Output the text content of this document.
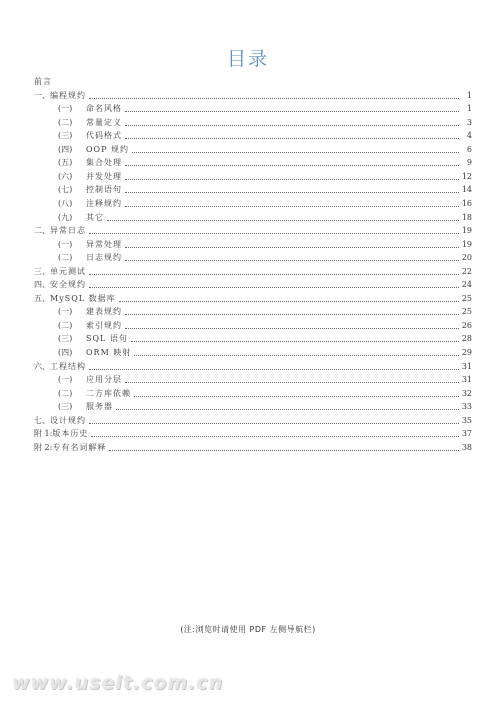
目录
前言
一、 编程规约	1
(一)	命名风格	1
(二)	常量定义	3
(三)	代码格式	4
(四)	OOP 规约	6
(五)	集合处理	9
(六)	并发处理	12
(七)	控制语句	14
(八)	注释规约	16
(九)	其它	18
二、 异常日志	19
(一)	异常处理	19
(二)	日志规约	20
三、 单元测试	22
四、 安全规约	24
五、 MySQL 数据库	25
(一)	建表规约	25
(二)	索引规约	26
(三)	SQL 语句	28
(四)	ORM 映射	29
六、 工程结构	31
(一)	应用分层	31
(二)	二方库依赖	32
(三)	服务器	33
七、 设计规约	35
附 1: 版本历史	37
附 2: 专有名词解释	38
(注:浏览时请使用 PDF 左侧导航栏)
www.useit.com.cn
